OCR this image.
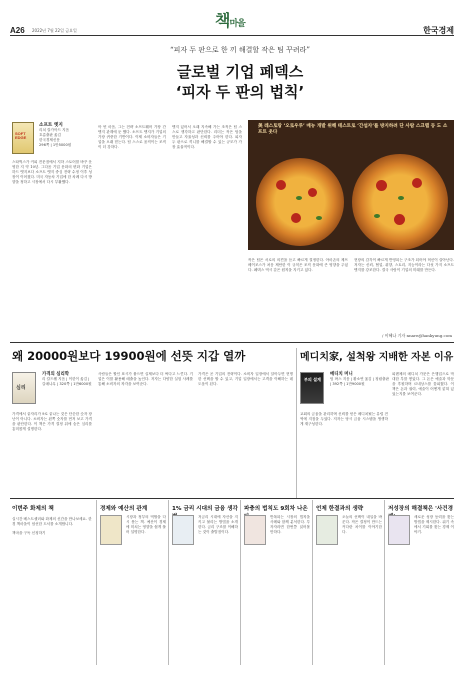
A26 2022년 7월 22일 금요일
책마을
한국경제
“피자 두 판으로 한 끼 해결할 작은 팀 꾸려라”
글로벌 기업 페덱스
‘피자 두 판의 법칙’
美 레스토랑 ‘오로우루’ 매뉴 개발 위해 테스트로 ‘간섭자‘를 방지하려 단 사람 스크랩 등 도 소프트 옷다
SOFT EDGE
소프트 엣지
리치 칼가아드 지음
흐름출판 옮김
한국경제신문
296쪽 | 1만5000원
스타벅스가 커피 전문점에서 지하 스토어를 바꾸 운영한 지 약 10년. 그다음 기업 문화의 변화 기업은 하드 엣지보다 소프트 엣지 중심 전략 수정 이후 성장이 이어졌다. 미국 자동차 기업에 한 차례 다시 방향을 정하고 시장에서 다시 부활했다.
아 빈 마음, 그는 전략 소프트웨어 가장 간 엣지 관계에 둔 했다. 소프트 엣지가 기업의 가장 귀중한 기반이다. 이제 소비자들은 기업을 오래 믿는다. 팀 스스로 움직이는 조직이 더 강하다.
엣지 있어서 오래 지속해 가는 조직은 팀 스스로 생각하고 판단한다. 리더는 작은 팀을 만들고 자율성과 신뢰를 주어야 한다. 피자 두 판으로 끼니를 해결할 수 있는 규모가 가장 효율적이다.
작은 팀은 서로의 의견을 듣고 빠르게 결정한다. 아마존의 제프 베이조스가 처음 제안한 이 규칙은 조직 문화에 큰 영향을 주었다. 페덱스 역시 같은 원칙을 지키고 있다.
현장의 감각이 빠르게 반영되는 구조가 되어야 혁신이 살아난다. 저자는 신뢰, 협업, 취향, 스토리, 지능이라는 다섯 가지 소프트 엣지를 강조한다. 결국 사람이 기업의 미래를 만든다.
/ 이혜나 기자 nnare@hankyung.com
왜 20000원보다 19900원에 선뜻 지갑 열까	메디치家, 설척왕 지배한 자본 이유
심리
가격의 심리학
리 칼드웰 지음 | 이한이 옮김 | 갈매나무 | 320쪽 | 1만6000원
가격에서 끝자리가 9로 끝나는 것은 단순한 숫자 장난이 아니다. 소비자는 왼쪽 숫자를 먼저 보고 가격을 판단한다. 이 책은 가격 결정 뒤에 숨은 심리를 흥미롭게 설명한다.
사람들은 할인 표시가 붙으면 실제보다 더 싸다고 느낀다. 기업은 이를 활용해 매출을 높인다. 저자는 다양한 실험 사례를 통해 소비자의 착각을 보여준다.
가격은 곧 기업의 전략이다. 소비자 입장에서 알아두면 현명한 선택을 할 수 있고, 기업 입장에서는 고객을 이해하는 데 도움이 된다.
부의 설계
메디치 머니
팀 팍스 지음 | 황소연 옮김 | 청림출판 | 392쪽 | 1만9000원
피렌체의 메디치 가문은 은행업으로 막대한 부를 쌓았다. 그 돈은 예술과 학문을 후원하며 르네상스를 꽃피웠다. 이 책은 돈과 권력, 예술이 어떻게 얽혀 있었는지를 보여준다.
교회의 금융을 관리하며 신뢰를 얻은 메디치家는 유럽 전역에 지점을 두었다. 저자는 당시 금융 시스템을 생생하게 재구성한다.
이번주 화제의 책
실시간 베스트셀러와 화제의 신간을 만나보세요. 한경 책마을이 엄선한 도서를 소개합니다.
책마을 구독 신청하기
경제와 예산의 관계	1% 금리 시대의 금융 생각 파충의 법칙도 9회차 나온	언제 한결과의 생략	저성장의 해결책은 '사건경
시장과 정부의 역할을 다시 묻는 책. 예산이 경제에 미치는 영향을 쉽게 풀어 설명한다.
저금리 시대에 자산을 지키고 불리는 방법을 소개한다. 금리 구조를 이해하는 것이 출발점이다.
반복되는 시장의 법칙을 사례와 함께 분석한다. 투자자라면 한번쯤 읽어볼 만하다.
오늘의 선택이 내일을 바꾼다. 작은 결정이 만드는 커다란 차이를 이야기한다.
새로운 성장 동력을 찾는 방법을 제시한다. 위기 속에서 기회를 찾는 경제 이야기.
